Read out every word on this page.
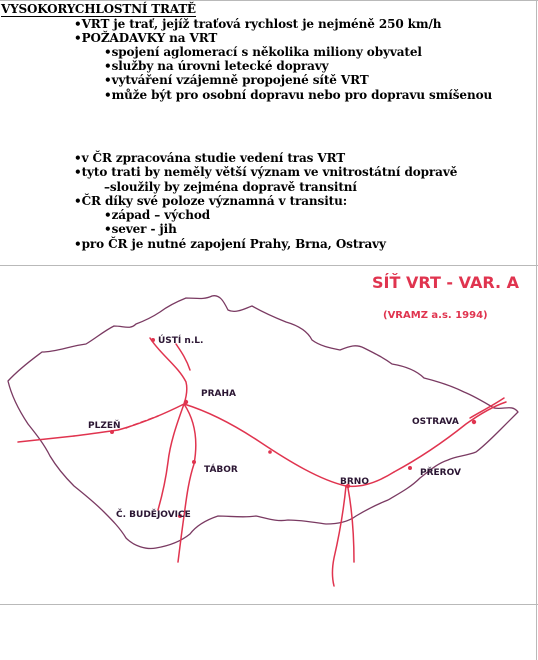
VYSOKORYCHLOSTNÍ TRATĚ
•VRT je trať, jejíž traťová rychlost je nejméně 250 km/h
•POŽADAVKY na VRT
•spojení aglomerací s několika miliony obyvatel
•služby na úrovni letecké dopravy
•vytváření vzájemně propojené sítě VRT
•může být pro osobní dopravu nebo pro dopravu smíšenou
•v ČR zpracována studie vedení tras VRT
•tyto trati by neměly větší význam ve vnitrostátní dopravě
–sloužily by zejména dopravě transitní
•ČR díky své poloze významná v transitu:
•západ – východ
•sever - jih
•pro ČR je nutné zapojení Prahy, Brna, Ostravy
SÍŤ VRT - VAR. A
(VRAMZ a.s. 1994)
ÚSTÍ n.L.
PRAHA
PLZEŇ
TÁBOR
Č. BUDĚJOVICE
BRNO
PŘEROV
OSTRAVA
